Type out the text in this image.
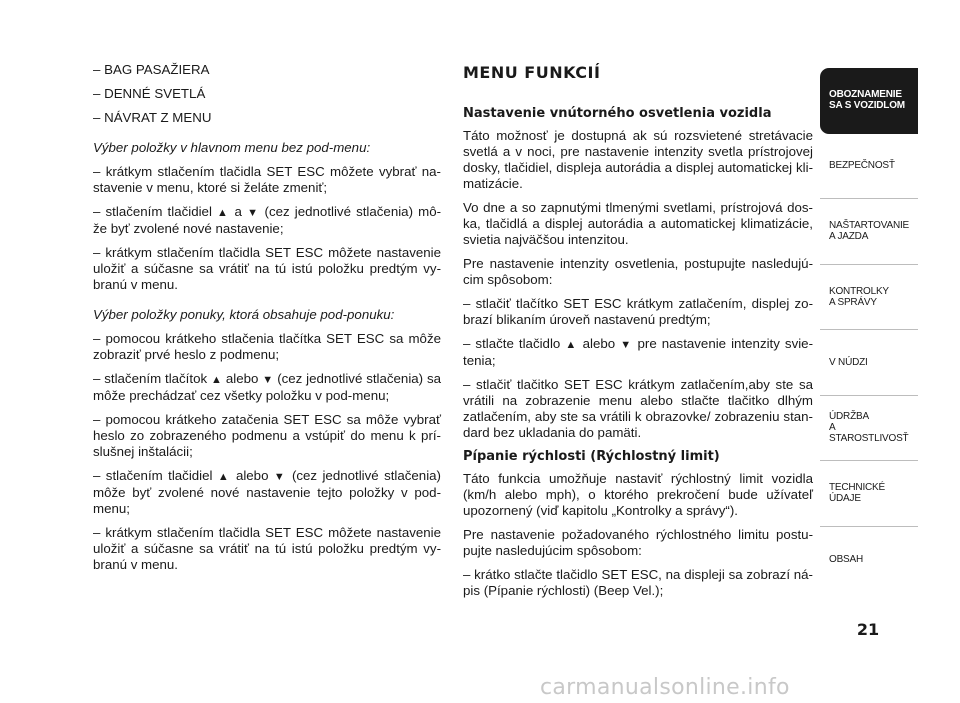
– BAG PASAŽIERA

– DENNÉ SVETLÁ

– NÁVRAT Z MENU

Výber položky v hlavnom menu bez pod-menu:

– krátkym stlačením tlačidla SET ESC môžete vybrať na- stavenie v menu, ktoré si želáte zmeniť;

– stlačením tlačidiel ▲ a ▼ (cez jednotlivé stlačenia) mô- že byť zvolené nové nastavenie;

– krátkym stlačením tlačidla SET ESC môžete nastavenie uložiť a súčasne sa vrátiť na tú istú položku predtým vy- branú v menu.

Výber položky ponuky, ktorá obsahuje pod-ponuku:

– pomocou krátkeho stlačenia tlačítka SET ESC sa môže zobraziť prvé heslo z podmenu;

– stlačením tlačítok ▲ alebo ▼ (cez jednotlivé stlačenia) sa môže prechádzať cez všetky položku v pod-menu;

– pomocou krátkeho zatačenia SET ESC sa môže vybrať heslo zo zobrazeného podmenu a vstúpiť do menu k prí- slušnej inštalácii;

– stlačením tlačidiel ▲ alebo ▼ (cez jednotlivé stlačenia) môže byť zvolené nové nastavenie tejto položky v pod- menu;

– krátkym stlačením tlačidla SET ESC môžete nastavenie uložiť a súčasne sa vrátiť na tú istú položku predtým vy- branú v menu.

MENU FUNKCIÍ
Nastavenie vnútorného osvetlenia vozidla

Táto možnosť je dostupná ak sú rozsvietené stretávacie svetlá a v noci, pre nastavenie intenzity svetla prístrojovej dosky, tlačidiel, displeja autorádia a displej automatickej kli- matizácie.

Vo dne a so zapnutými tlmenými svetlami, prístrojová dos- ka, tlačidlá a displej autorádia a automatickej klimatizácie, svietia najväčšou intenzitou.

Pre nastavenie intenzity osvetlenia, postupujte nasledujú- cim spôsobom:

– stlačiť tlačítko SET ESC krátkym zatlačením, displej zo- brazí blikaním úroveň nastavenú predtým;

– stlačte tlačidlo ▲ alebo ▼ pre nastavenie intenzity svie- tenia;

– stlačiť tlačitko SET ESC krátkym zatlačením,aby ste sa vrátili na zobrazenie menu alebo stlačte tlačitko dlhým zatlačením, aby ste sa vrátili k obrazovke/ zobrazeniu stan- dard bez ukladania do pamäti.

Pípanie rýchlosti (Rýchlostný limit)

Táto funkcia umožňuje nastaviť rýchlostný limit vozidla (km/h alebo mph), o ktorého prekročení bude užívateľ upozornený (viď kapitolu „Kontrolky a správy“).

Pre nastavenie požadovaného rýchlostného limitu postu- pujte nasledujúcim spôsobom:

– krátko stlačte tlačidlo SET ESC, na displeji sa zobrazí ná- pis (Pípanie rýchlosti) (Beep Vel.);

OBOZNAMENIE
SA S VOZIDLOM
BEZPEČNOSŤ
NAŠTARTOVANIE
A JAZDA
KONTROLKY
A SPRÁVY
V NÚDZI
ÚDRŽBA
A STAROSTLIVOSŤ
TECHNICKÉ
ÚDAJE
OBSAH
21
carmanualsonline.info
